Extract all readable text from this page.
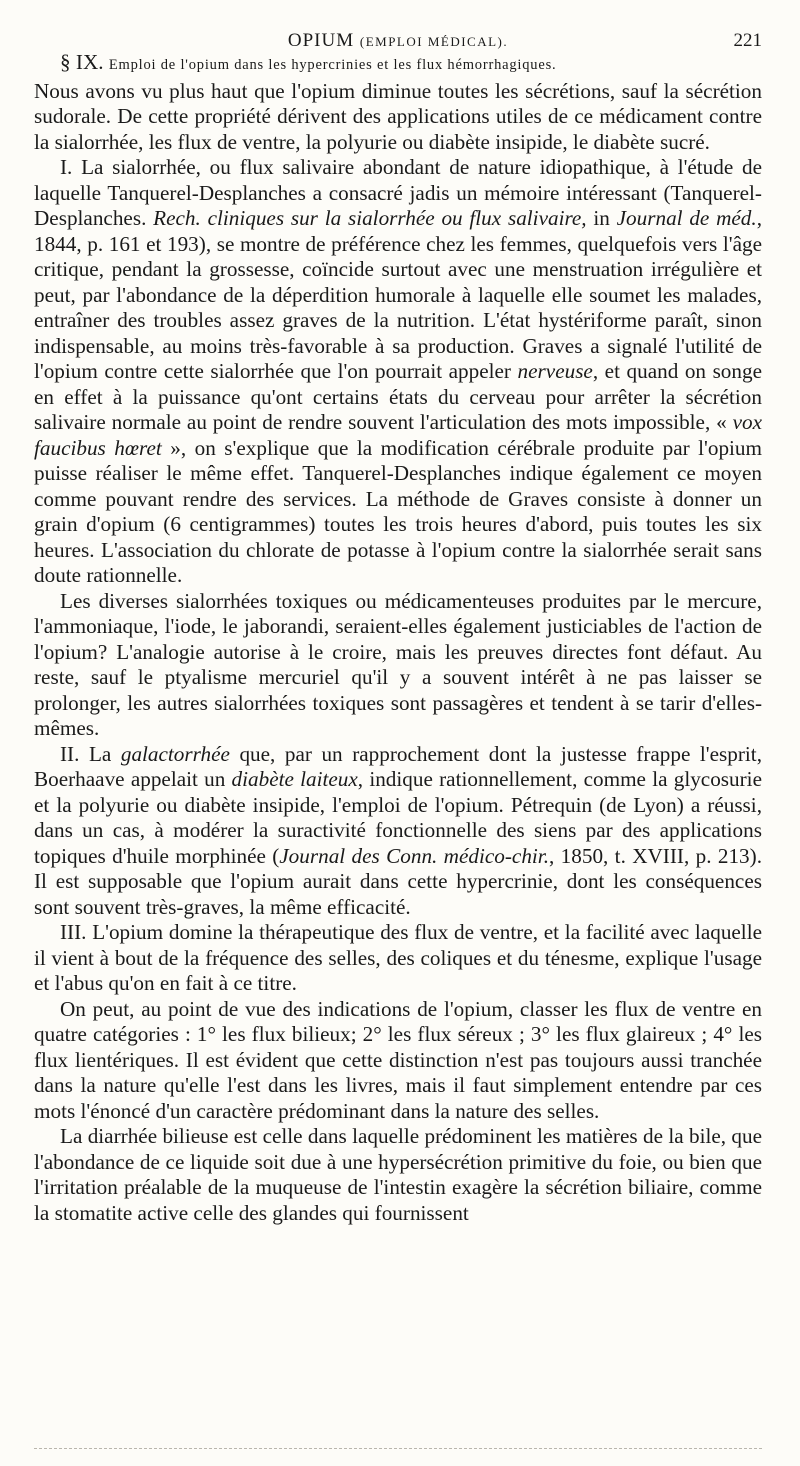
OPIUM (EMPLOI MÉDICAL).	221

§ IX. Emploi de l'opium dans les hypercrinies et les flux hémorrhagiques.

Nous avons vu plus haut que l'opium diminue toutes les sécrétions, sauf la sécrétion sudorale. De cette propriété dérivent des applications utiles de ce médicament contre la sialorrhée, les flux de ventre, la polyurie ou diabète insipide, le diabète sucré.

I. La sialorrhée, ou flux salivaire abondant de nature idiopathique, à l'étude de laquelle Tanquerel-Desplanches a consacré jadis un mémoire intéressant (Tanquerel-Desplanches. Rech. cliniques sur la sialorrhée ou flux salivaire, in Journal de méd., 1844, p. 161 et 193), se montre de préférence chez les femmes, quelquefois vers l'âge critique, pendant la grossesse, coïncide surtout avec une menstruation irrégulière et peut, par l'abondance de la déperdition humorale à laquelle elle soumet les malades, entraîner des troubles assez graves de la nutrition. L'état hystériforme paraît, sinon indispensable, au moins très-favorable à sa production. Graves a signalé l'utilité de l'opium contre cette sialorrhée que l'on pourrait appeler nerveuse, et quand on songe en effet à la puissance qu'ont certains états du cerveau pour arrêter la sécrétion salivaire normale au point de rendre souvent l'articulation des mots impossible, « vox faucibus hœret », on s'explique que la modification cérébrale produite par l'opium puisse réaliser le même effet. Tanquerel-Desplanches indique également ce moyen comme pouvant rendre des services. La méthode de Graves consiste à donner un grain d'opium (6 centigrammes) toutes les trois heures d'abord, puis toutes les six heures. L'association du chlorate de potasse à l'opium contre la sialorrhée serait sans doute rationnelle.

Les diverses sialorrhées toxiques ou médicamenteuses produites par le mercure, l'ammoniaque, l'iode, le jaborandi, seraient-elles également justiciables de l'action de l'opium? L'analogie autorise à le croire, mais les preuves directes font défaut. Au reste, sauf le ptyalisme mercuriel qu'il y a souvent intérêt à ne pas laisser se prolonger, les autres sialorrhées toxiques sont passagères et tendent à se tarir d'elles-mêmes.

II. La galactorrhée que, par un rapprochement dont la justesse frappe l'esprit, Boerhaave appelait un diabète laiteux, indique rationnellement, comme la glycosurie et la polyurie ou diabète insipide, l'emploi de l'opium. Pétrequin (de Lyon) a réussi, dans un cas, à modérer la suractivité fonctionnelle des siens par des applications topiques d'huile morphinée (Journal des Conn. médico-chir., 1850, t. XVIII, p. 213). Il est supposable que l'opium aurait dans cette hypercrinie, dont les conséquences sont souvent très-graves, la même efficacité.

III. L'opium domine la thérapeutique des flux de ventre, et la facilité avec laquelle il vient à bout de la fréquence des selles, des coliques et du ténesme, explique l'usage et l'abus qu'on en fait à ce titre.

On peut, au point de vue des indications de l'opium, classer les flux de ventre en quatre catégories : 1° les flux bilieux; 2° les flux séreux ; 3° les flux glaireux ; 4° les flux lientériques. Il est évident que cette distinction n'est pas toujours aussi tranchée dans la nature qu'elle l'est dans les livres, mais il faut simplement entendre par ces mots l'énoncé d'un caractère prédominant dans la nature des selles.

La diarrhée bilieuse est celle dans laquelle prédominent les matières de la bile, que l'abondance de ce liquide soit due à une hypersécrétion primitive du foie, ou bien que l'irritation préalable de la muqueuse de l'intestin exagère la sécrétion biliaire, comme la stomatite active celle des glandes qui fournissent
